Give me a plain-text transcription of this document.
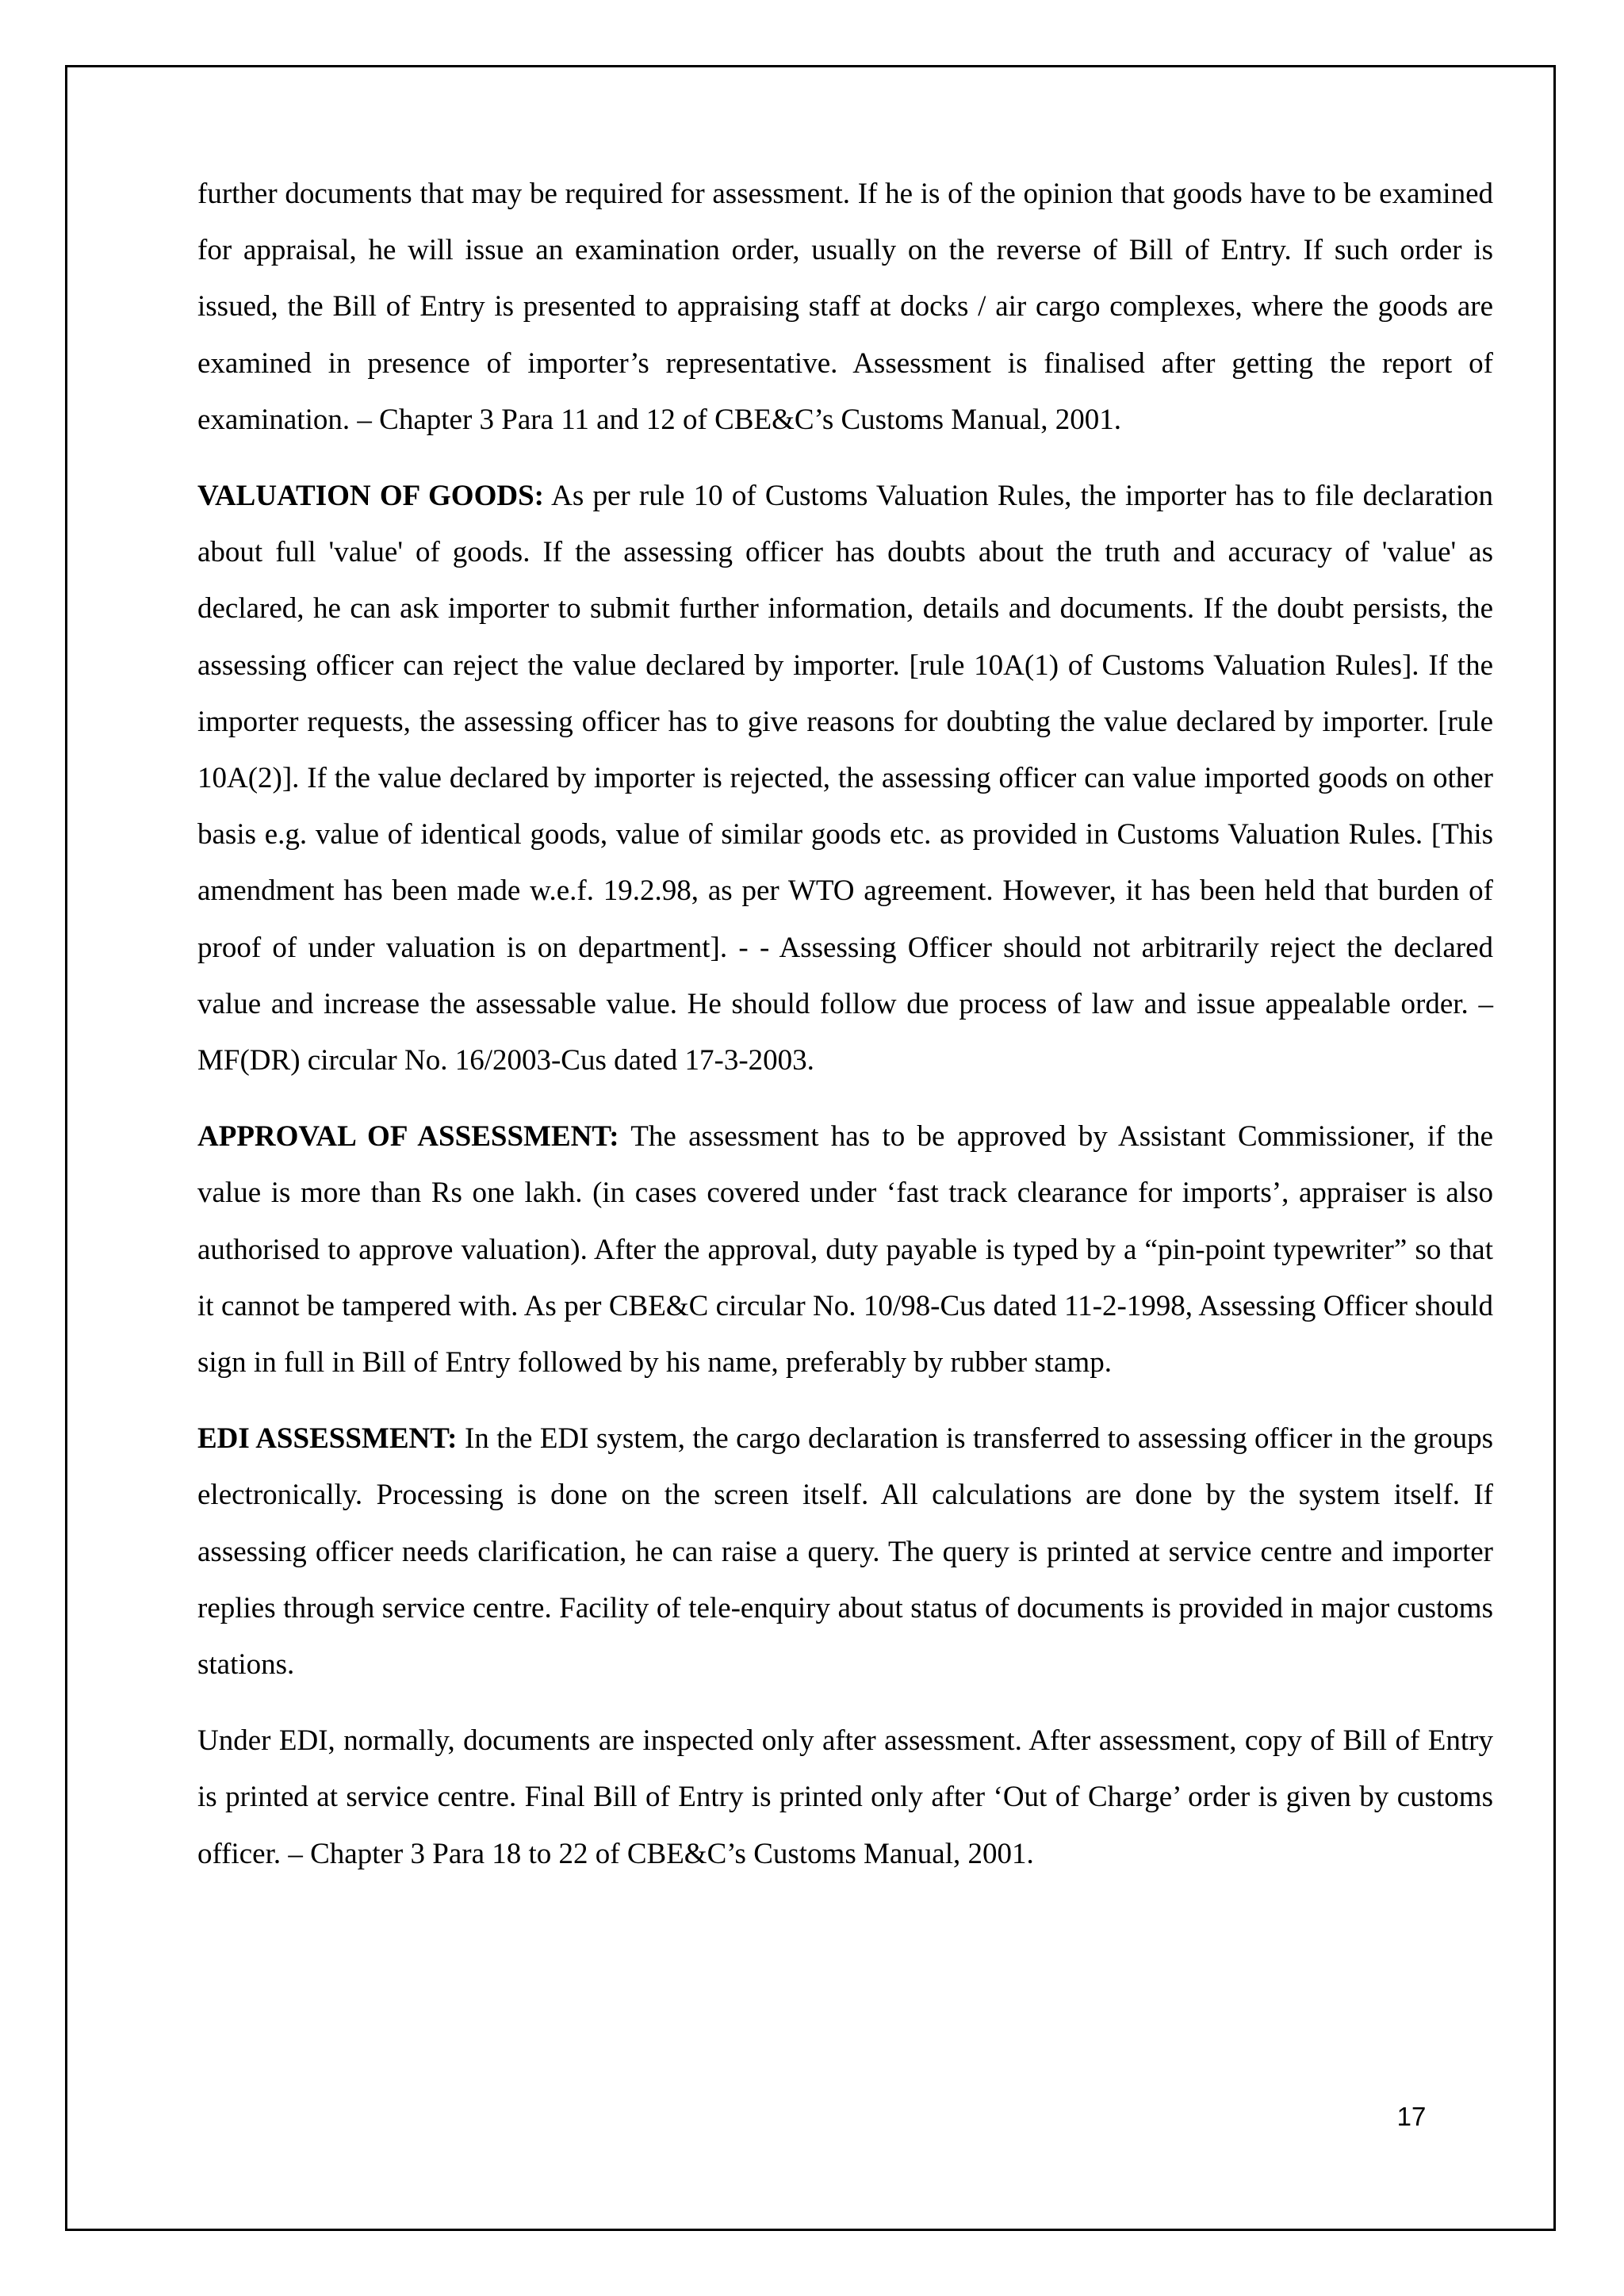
further documents that may be required for assessment. If he is of the opinion that goods have to be examined for appraisal, he will issue an examination order, usually on the reverse of Bill of Entry. If such order is issued, the Bill of Entry is presented to appraising staff at docks / air cargo complexes, where the goods are examined in presence of importer’s representative. Assessment is finalised after getting the report of examination. – Chapter 3 Para 11 and 12 of CBE&C’s Customs Manual, 2001.

VALUATION OF GOODS: As per rule 10 of Customs Valuation Rules, the importer has to file declaration about full 'value' of goods. If the assessing officer has doubts about the truth and accuracy of 'value' as declared, he can ask importer to submit further information, details and documents. If the doubt persists, the assessing officer can reject the value declared by importer. [rule 10A(1) of Customs Valuation Rules]. If the importer requests, the assessing officer has to give reasons for doubting the value declared by importer. [rule 10A(2)]. If the value declared by importer is rejected, the assessing officer can value imported goods on other basis e.g. value of identical goods, value of similar goods etc. as provided in Customs Valuation Rules. [This amendment has been made w.e.f. 19.2.98, as per WTO agreement. However, it has been held that burden of proof of under valuation is on department]. - - Assessing Officer should not arbitrarily reject the declared value and increase the assessable value. He should follow due process of law and issue appealable order. – MF(DR) circular No. 16/2003-Cus dated 17-3-2003.

APPROVAL OF ASSESSMENT: The assessment has to be approved by Assistant Commissioner, if the value is more than Rs one lakh. (in cases covered under ‘fast track clearance for imports’, appraiser is also authorised to approve valuation). After the approval, duty payable is typed by a “pin-point typewriter” so that it cannot be tampered with. As per CBE&C circular No. 10/98-Cus dated 11-2-1998, Assessing Officer should sign in full in Bill of Entry followed by his name, preferably by rubber stamp.

EDI ASSESSMENT: In the EDI system, the cargo declaration is transferred to assessing officer in the groups electronically. Processing is done on the screen itself. All calculations are done by the system itself. If assessing officer needs clarification, he can raise a query. The query is printed at service centre and importer replies through service centre. Facility of tele-enquiry about status of documents is provided in major customs stations.

Under EDI, normally, documents are inspected only after assessment. After assessment, copy of Bill of Entry is printed at service centre. Final Bill of Entry is printed only after ‘Out of Charge’ order is given by customs officer. – Chapter 3 Para 18 to 22 of CBE&C’s Customs Manual, 2001.

17
